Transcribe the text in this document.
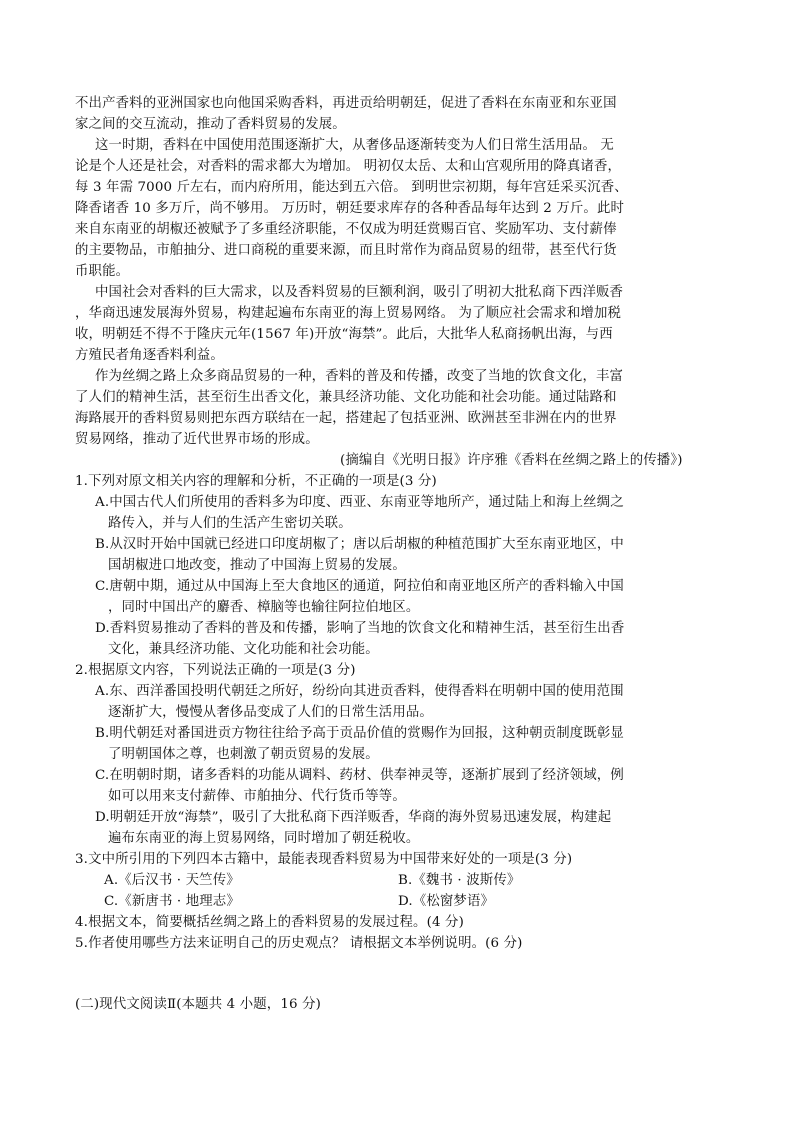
不出产香料的亚洲国家也向他国采购香料，再进贡给明朝廷，促进了香料在东南亚和东亚国
家之间的交互流动，推动了香料贸易的发展。
这一时期，香料在中国使用范围逐渐扩大，从奢侈品逐渐转变为人们日常生活用品。 无
论是个人还是社会，对香料的需求都大为增加。 明初仅太岳、太和山宫观所用的降真诸香，
每 3 年需 7000 斤左右，而内府所用，能达到五六倍。 到明世宗初期，每年宫廷采买沉香、
降香诸香 10 多万斤，尚不够用。 万历时，朝廷要求库存的各种香品每年达到 2 万斤。此时
来自东南亚的胡椒还被赋予了多重经济职能，不仅成为明廷赏赐百官、奖励军功、支付薪俸
的主要物品，市舶抽分、进口商税的重要来源，而且时常作为商品贸易的纽带，甚至代行货
币职能。
中国社会对香料的巨大需求，以及香料贸易的巨额利润，吸引了明初大批私商下西洋贩香
，华商迅速发展海外贸易，构建起遍布东南亚的海上贸易网络。 为了顺应社会需求和增加税
收，明朝廷不得不于隆庆元年(1567 年)开放“海禁”。此后，大批华人私商扬帆出海，与西
方殖民者角逐香料利益。
作为丝绸之路上众多商品贸易的一种，香料的普及和传播，改变了当地的饮食文化，丰富
了人们的精神生活，甚至衍生出香文化，兼具经济功能、文化功能和社会功能。通过陆路和
海路展开的香料贸易则把东西方联结在一起，搭建起了包括亚洲、欧洲甚至非洲在内的世界
贸易网络，推动了近代世界市场的形成。
(摘编自《光明日报》许序雅《香料在丝绸之路上的传播》)
1.下列对原文相关内容的理解和分析，不正确的一项是(3 分)
A.中国古代人们所使用的香料多为印度、西亚、东南亚等地所产，通过陆上和海上丝绸之
路传入，并与人们的生活产生密切关联。
B.从汉时开始中国就已经进口印度胡椒了；唐以后胡椒的种植范围扩大至东南亚地区，中
国胡椒进口地改变，推动了中国海上贸易的发展。
C.唐朝中期，通过从中国海上至大食地区的通道，阿拉伯和南亚地区所产的香料输入中国
，同时中国出产的麝香、樟脑等也输往阿拉伯地区。
D.香料贸易推动了香料的普及和传播，影响了当地的饮食文化和精神生活，甚至衍生出香
文化，兼具经济功能、文化功能和社会功能。
2.根据原文内容，下列说法正确的一项是(3 分)
A.东、西洋番国投明代朝廷之所好，纷纷向其进贡香料，使得香料在明朝中国的使用范围
逐渐扩大，慢慢从奢侈品变成了人们的日常生活用品。
B.明代朝廷对番国进贡方物往往给予高于贡品价值的赏赐作为回报，这种朝贡制度既彰显
了明朝国体之尊，也刺激了朝贡贸易的发展。
C.在明朝时期，诸多香料的功能从调料、药材、供奉神灵等，逐渐扩展到了经济领域，例
如可以用来支付薪俸、市舶抽分、代行货币等等。
D.明朝廷开放“海禁”，吸引了大批私商下西洋贩香，华商的海外贸易迅速发展，构建起
遍布东南亚的海上贸易网络，同时增加了朝廷税收。
3.文中所引用的下列四本古籍中，最能表现香料贸易为中国带来好处的一项是(3 分)
A.《后汉书 · 天竺传》	B.《魏书 · 波斯传》
C.《新唐书 · 地理志》	D.《松窗梦语》
4.根据文本，简要概括丝绸之路上的香料贸易的发展过程。(4 分)
5.作者使用哪些方法来证明自己的历史观点？ 请根据文本举例说明。(6 分)
(二)现代文阅读Ⅱ(本题共 4 小题，16 分)
